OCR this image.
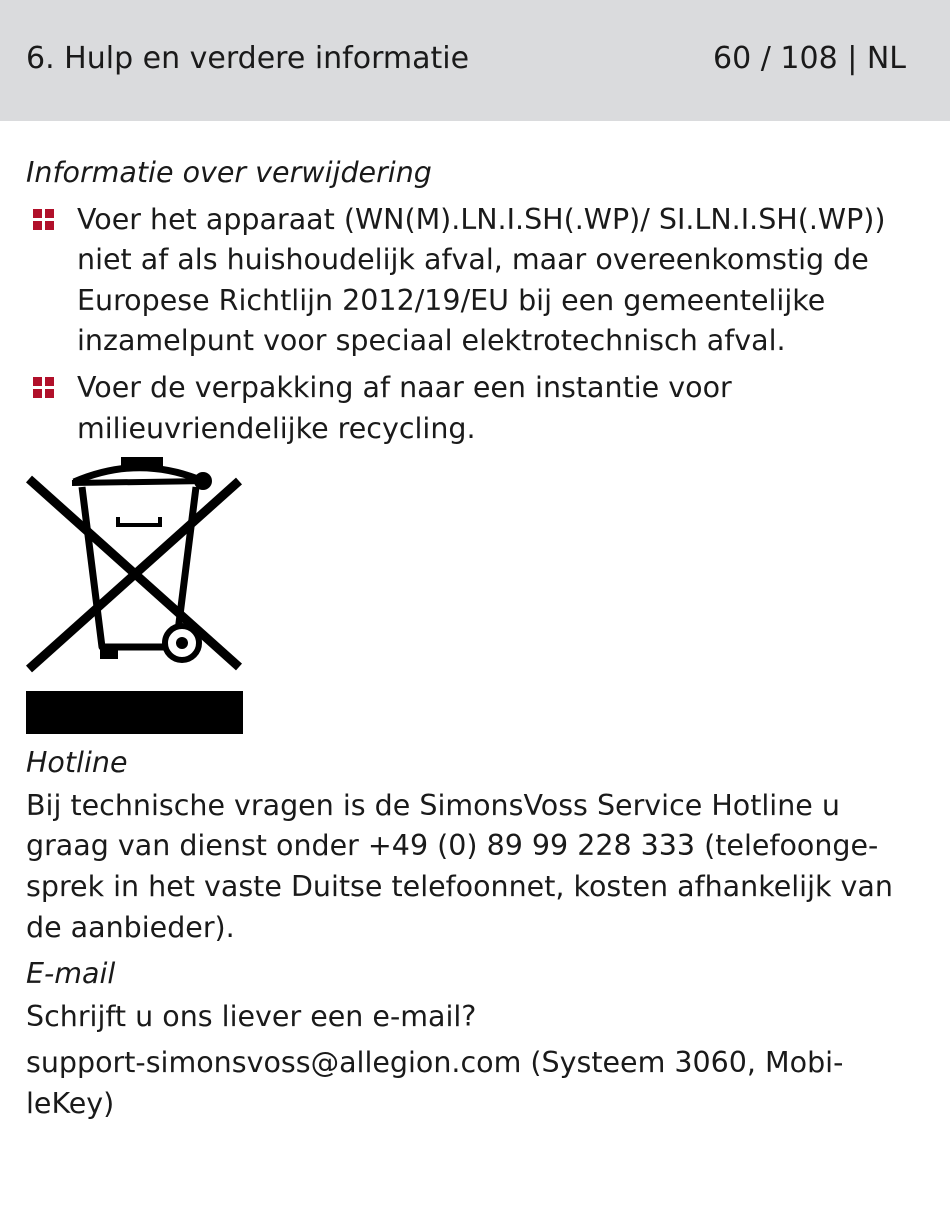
6. Hulp en verdere informatie	60 / 108 | NL

Informatie over verwijdering

Voer het apparaat (WN(M).LN.I.SH(.WP)/ SI.LN.I.SH(.WP)) niet af als huishoudelijk afval, maar overeenkomstig de Europese Richtlijn 2012/19/EU bij een gemeentelijke inzamelpunt voor speciaal elektrotechnisch afval.
Voer de verpakking af naar een instantie voor milieuvriendelijke recycling.

Hotline

Bij technische vragen is de SimonsVoss Service Hotline u graag van dienst onder +49 (0) 89 99 228 333 (telefoongesprek in het vaste Duitse telefoonnet, kosten afhankelijk van de aanbieder).

E-mail

Schrijft u ons liever een e-mail?

support-simonsvoss@allegion.com (Systeem 3060, MobileKey)
